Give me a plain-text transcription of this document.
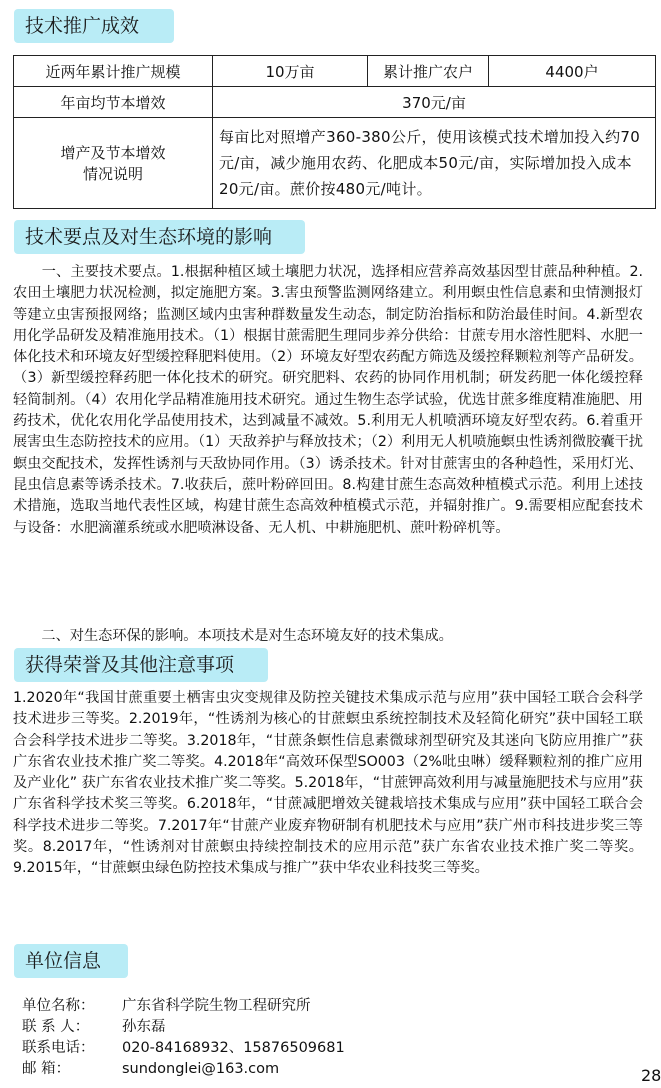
技术推广成效
近两年累计推广规模	10万亩	累计推广农户	4400户
年亩均节本增效	370元/亩		

增产及节本增效
情况说明	每亩比对照增产360-380公斤，使用该模式技术增加投入约70元/亩，减少施用农药、化肥成本50元/亩，实际增加投入成本20元/亩。蔗价按480元/吨计。		
技术要点及对生态环境的影响

　　一、主要技术要点。1.根据种植区域土壤肥力状况，选择相应营养高效基因型甘蔗品种种植。2.农田土壤肥力状况检测，拟定施肥方案。3.害虫预警监测网络建立。利用螟虫性信息素和虫情测报灯等建立虫害预报网络；监测区域内虫害种群数量发生动态，制定防治指标和防治最佳时间。4.新型农用化学品研发及精准施用技术。（1）根据甘蔗需肥生理同步养分供给：甘蔗专用水溶性肥料、水肥一体化技术和环境友好型缓控释肥料使用。（2）环境友好型农药配方筛选及缓控释颗粒剂等产品研发。（3）新型缓控释药肥一体化技术的研究。研究肥料、农药的协同作用机制；研发药肥一体化缓控释轻简制剂。（4）农用化学品精准施用技术研究。通过生物生态学试验，优选甘蔗多维度精准施肥、用药技术，优化农用化学品使用技术，达到减量不减效。5.利用无人机喷洒环境友好型农药。6.着重开展害虫生态防控技术的应用。（1）天敌养护与释放技术；（2）利用无人机喷施螟虫性诱剂微胶囊干扰螟虫交配技术，发挥性诱剂与天敌协同作用。（3）诱杀技术。针对甘蔗害虫的各种趋性，采用灯光、昆虫信息素等诱杀技术。7.收获后，蔗叶粉碎回田。8.构建甘蔗生态高效种植模式示范。利用上述技术措施，选取当地代表性区域，构建甘蔗生态高效种植模式示范，并辐射推广。9.需要相应配套技术与设备：水肥滴灌系统或水肥喷淋设备、无人机、中耕施肥机、蔗叶粉碎机等。

　　二、对生态环保的影响。本项技术是对生态环境友好的技术集成。

获得荣誉及其他注意事项

1.2020年“我国甘蔗重要土栖害虫灾变规律及防控关键技术集成示范与应用”获中国轻工联合会科学技术进步三等奖。2.2019年，“性诱剂为核心的甘蔗螟虫系统控制技术及轻简化研究”获中国轻工联合会科学技术进步二等奖。3.2018年，“甘蔗条螟性信息素微球剂型研究及其迷向飞防应用推广”获广东省农业技术推广奖二等奖。4.2018年“高效环保型SO003（2%吡虫啉）缓释颗粒剂的推广应用及产业化” 获广东省农业技术推广奖二等奖。5.2018年，“甘蔗钾高效利用与减量施肥技术与应用”获广东省科学技术奖三等奖。6.2018年，“甘蔗减肥增效关键栽培技术集成与应用”获中国轻工联合会科学技术进步二等奖。7.2017年“甘蔗产业废弃物研制有机肥技术与应用”获广州市科技进步奖三等奖。8.2017年，“性诱剂对甘蔗螟虫持续控制技术的应用示范”获广东省农业技术推广奖二等奖。9.2015年，“甘蔗螟虫绿色防控技术集成与推广”获中华农业科技奖三等奖。

单位信息
单位名称： 广东省科学院生物工程研究所
联 系 人： 孙东磊
联系电话： 020-84168932、15876509681
邮 箱：	sundonglei@163.com	28
